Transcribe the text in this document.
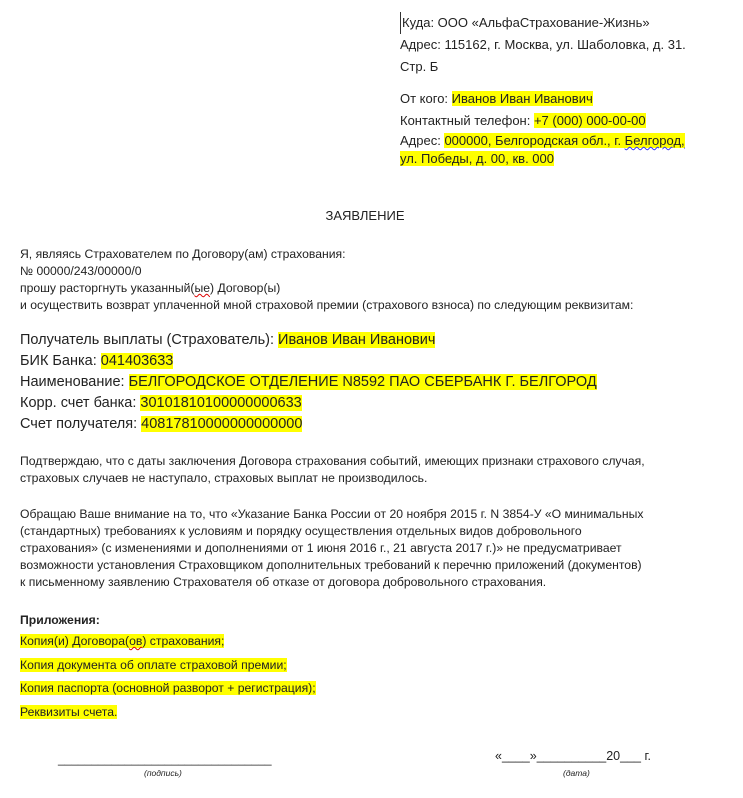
Куда: ООО «АльфаСтрахование-Жизнь»
Адрес: 115162, г. Москва, ул. Шаболовка, д. 31.
Стр. Б
От кого: Иванов Иван Иванович
Контактный телефон: +7 (000) 000-00-00
Адрес: 000000, Белгородская обл., г. Белгород,
ул. Победы, д. 00, кв. 000
ЗАЯВЛЕНИЕ
Я, являясь Страхователем по Договору(ам) страхования:
№ 00000/243/00000/0
прошу расторгнуть указанный(ые) Договор(ы)
и осуществить возврат уплаченной мной страховой премии (страхового взноса) по следующим реквизитам:
Получатель выплаты (Страхователь): Иванов Иван Иванович
БИК Банка: 041403633
Наименование: БЕЛГОРОДСКОЕ ОТДЕЛЕНИЕ N8592 ПАО СБЕРБАНК Г. БЕЛГОРОД
Корр. счет банка: 30101810100000000633
Счет получателя: 40817810000000000000
Подтверждаю, что с даты заключения Договора страхования событий, имеющих признаки страхового случая,
страховых случаев не наступало, страховых выплат не производилось.
Обращаю Ваше внимание на то, что «Указание Банка России от 20 ноября 2015 г. N 3854-У «О минимальных
(стандартных) требованиях к условиям и порядку осуществления отдельных видов добровольного
страхования» (с изменениями и дополнениями от 1 июня 2016 г., 21 августа 2017 г.)» не предусматривает
возможности установления Страховщиком дополнительных требований к перечню приложений (документов)
к письменному заявлению Страхователя об отказе от договора добровольного страхования.
Приложения:
Копия(и) Договора(ов) страхования;
Копия документа об оплате страховой премии;
Копия паспорта (основной разворот + регистрация);
Реквизиты счета.
________________________________
(подпись)
«____»__________20___ г.
(дата)
